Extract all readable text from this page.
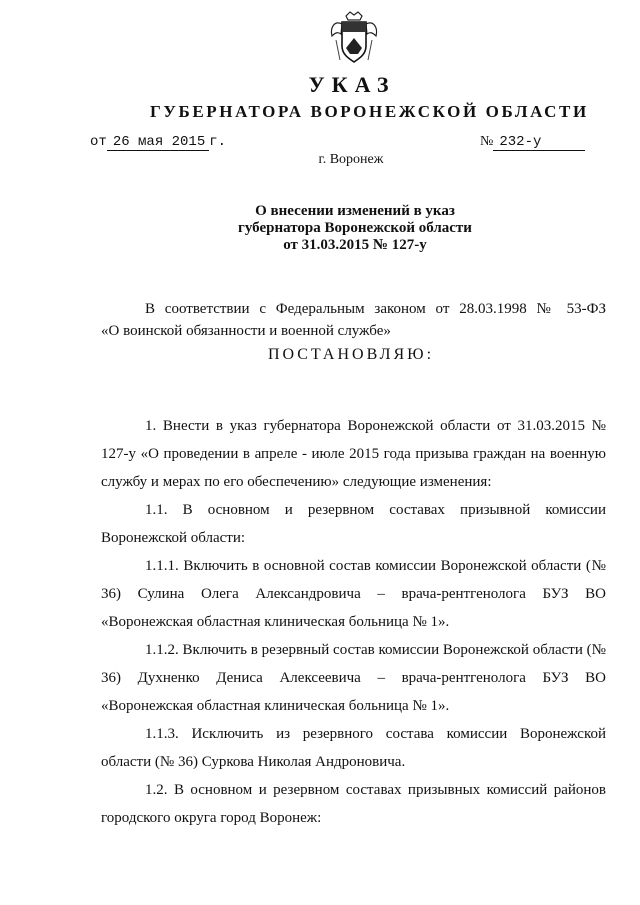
УКАЗ
ГУБЕРНАТОРА ВОРОНЕЖСКОЙ ОБЛАСТИ
от 26 мая 2015 г.	№ 232-у
г. Воронеж
О внесении изменений в указ
губернатора Воронежской области
от 31.03.2015 № 127-у

В соответствии с Федеральным законом от 28.03.1998 № 53-ФЗ

«О воинской обязанности и военной службе»

ПОСТАНОВЛЯЮ:

1. Внести в указ губернатора Воронежской области от 31.03.2015 № 127-у «О проведении в апреле - июле 2015 года призыва граждан на военную службу и мерах по его обеспечению» следующие изменения:

1.1. В основном и резервном составах призывной комиссии Воронежской области:

1.1.1. Включить в основной состав комиссии Воронежской области (№ 36) Сулина Олега Александровича – врача-рентгенолога БУЗ ВО «Воронежская областная клиническая больница № 1».

1.1.2. Включить в резервный состав комиссии Воронежской области (№ 36) Духненко Дениса Алексеевича – врача-рентгенолога БУЗ ВО «Воронежская областная клиническая больница № 1».

1.1.3. Исключить из резервного состава комиссии Воронежской области (№ 36) Суркова Николая Андроновича.

1.2. В основном и резервном составах призывных комиссий районов городского округа город Воронеж:
